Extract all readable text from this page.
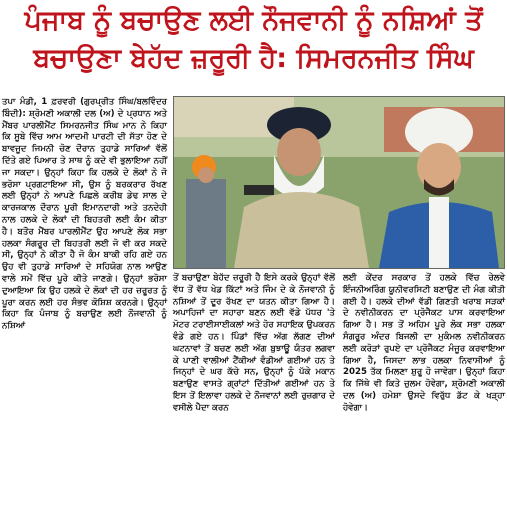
ਪੰਜਾਬ ਨੂੰ ਬਚਾਉਣ ਲਈ ਨੌਜਵਾਨੀ ਨੂੰ ਨਸ਼ਿਆਂ ਤੋਂ
ਬਚਾਉਣਾ ਬੇਹੱਦ ਜ਼ਰੂਰੀ ਹੈ: ਸਿਮਰਨਜੀਤ ਸਿੰਘ

ਤਪਾ ਮੰਡੀ, 1 ਫ਼ਰਵਰੀ (ਗੁਰਪ੍ਰੀਤ ਸਿੰਘ/ਬਲਵਿੰਦਰ ਬਿੰਦੀ): ਸ਼੍ਰੋਮਣੀ ਅਕਾਲੀ ਦਲ (ਅ) ਦੇ ਪ੍ਰਧਾਨ ਅਤੇ ਮੈਂਬਰ ਪਾਰਲੀਮੈਂਟ ਸਿਮਰਨਜੀਤ ਸਿੰਘ ਮਾਨ ਨੇ ਕਿਹਾ ਕਿ ਸੂਬੇ ਵਿੱਚ ਆਮ ਆਦਮੀ ਪਾਰਟੀ ਦੀ ਸੱਤਾ ਹੋਣ ਦੇ ਬਾਵਜੂਦ ਜਿਮਨੀ ਚੋਣ ਦੌਰਾਨ ਤੁਹਾਡੇ ਸਾਰਿਆਂ ਵੱਲੋਂ ਦਿੱਤੇ ਗਏ ਪਿਆਰ ਤੇ ਸਾਥ ਨੂੰ ਕਦੇ ਵੀ ਭੁਲਾਇਆ ਨਹੀਂ ਜਾ ਸਕਦਾ। ਉਨ੍ਹਾਂ ਕਿਹਾ ਕਿ ਹਲਕੇ ਦੇ ਲੋਕਾਂ ਨੇ ਜੋ ਭਰੋਸਾ ਪ੍ਰਗਟਾਇਆ ਸੀ, ਉਸ ਨੂੰ ਬਰਕਰਾਰ ਰੱਖਣ ਲਈ ਉਨ੍ਹਾਂ ਨੇ ਆਪਣੇ ਪਿਛਲੇ ਕਰੀਬ ਡੇਢ ਸਾਲ ਦੇ ਕਾਰਜਕਾਲ ਦੌਰਾਨ ਪੂਰੀ ਇਮਾਨਦਾਰੀ ਅਤੇ ਤਨਦੇਹੀ ਨਾਲ ਹਲਕੇ ਦੇ ਲੋਕਾਂ ਦੀ ਬਿਹਤਰੀ ਲਈ ਕੰਮ ਕੀਤਾ ਹੈ। ਬਤੌਰ ਮੈਂਬਰ ਪਾਰਲੀਮੈਂਟ ਉਹ ਆਪਣੇ ਲੋਕ ਸਭਾ ਹਲਕਾ ਸੰਗਰੂਰ ਦੀ ਬਿਹਤਰੀ ਲਈ ਜੋ ਵੀ ਕਰ ਸਕਦੇ ਸੀ, ਉਨ੍ਹਾਂ ਨੇ ਕੀਤਾ ਹੈ ਜੋ ਕੰਮ ਬਾਕੀ ਰਹਿ ਗਏ ਹਨ ਉਹ ਵੀ ਤੁਹਾਡੇ ਸਾਰਿਆਂ ਦੇ ਸਹਿਯੋਗ ਨਾਲ ਆਉਣ ਵਾਲੇ ਸਮੇਂ ਵਿੱਚ ਪੂਰੇ ਕੀਤੇ ਜਾਣਗੇ। ਉਨ੍ਹਾਂ ਭਰੋਸਾ ਦੁਆਇਆ ਕਿ ਉਹ ਹਲਕੇ ਦੇ ਲੋਕਾਂ ਦੀ ਹਰ ਜ਼ਰੂਰਤ ਨੂੰ ਪੂਰਾ ਕਰਨ ਲਈ ਹਰ ਸੰਭਵ ਕੋਸ਼ਿਸ਼ ਕਰਨਗੇ। ਉਨ੍ਹਾਂ ਕਿਹਾ ਕਿ ਪੰਜਾਬ ਨੂੰ ਬਚਾਉਣ ਲਈ ਨੌਜਵਾਨੀ ਨੂੰ ਨਸ਼ਿਆਂ

ਤੋਂ ਬਚਾਉਣਾ ਬੇਹੱਦ ਜ਼ਰੂਰੀ ਹੈ ਇਸੇ ਕਰਕੇ ਉਨ੍ਹਾਂ ਵੱਲੋਂ ਵੱਧ ਤੋਂ ਵੱਧ ਖੇਡ ਕਿੱਟਾਂ ਅਤੇ ਜਿੰਮ ਦੇ ਕੇ ਨੌਜਵਾਨੀ ਨੂੰ ਨਸ਼ਿਆਂ ਤੋਂ ਦੂਰ ਰੱਖਣ ਦਾ ਯਤਨ ਕੀਤਾ ਗਿਆ ਹੈ। ਅਪਾਹਿਜਾਂ ਦਾ ਸਹਾਰਾ ਬਣਨ ਲਈ ਵੱਡੇ ਪੱਧਰ 'ਤੇ ਮੋਟਰ ਟਰਾਈਸਾਈਕਲਾਂ ਅਤੇ ਹੋਰ ਸਹਾਇਕ ਉਪਕਰਨ ਵੰਡੇ ਗਏ ਹਨ। ਪਿੰਡਾਂ ਵਿੱਚ ਅੱਗ ਲੱਗਣ ਦੀਆਂ ਘਟਨਾਵਾਂ ਤੋਂ ਬਚਣ ਲਈ ਅੱਗ ਬੁਝਾਊ ਯੰਤਰ ਲਗਵਾ ਕੇ ਪਾਣੀ ਵਾਲੀਆਂ ਟੈਂਕੀਆਂ ਵੰਡੀਆਂ ਗਈਆਂ ਹਨ ਤੇ ਜਿਨ੍ਹਾਂ ਦੇ ਘਰ ਕੱਚੇ ਸਨ, ਉਨ੍ਹਾਂ ਨੂੰ ਪੱਕੇ ਮਕਾਨ ਬਣਾਉਣ ਵਾਸਤੇ ਗ੍ਰਾਂਟਾਂ ਦਿੱਤੀਆਂ ਗਈਆਂ ਹਨ ਤੇ ਇਸ ਤੋਂ ਇਲਾਵਾ ਹਲਕੇ ਦੇ ਨੌਜਵਾਨਾਂ ਲਈ ਰੁਜ਼ਗਾਰ ਦੇ ਵਸੀਲੇ ਪੈਦਾ ਕਰਨ

ਲਈ ਕੇਂਦਰ ਸਰਕਾਰ ਤੋਂ ਹਲਕੇ ਵਿੱਚ ਰੇਲਵੇ ਇੰਜਨੀਅਰਿੰਗ ਯੂਨੀਵਰਸਿਟੀ ਬਣਾਉਣ ਦੀ ਮੰਗ ਕੀਤੀ ਗਈ ਹੈ। ਹਲਕੇ ਦੀਆਂ ਵੱਡੀ ਗਿਣਤੀ ਖਰਾਬ ਸੜਕਾਂ ਦੇ ਨਵੀਨੀਕਰਨ ਦਾ ਪ੍ਰੋਜੈਕਟ ਪਾਸ ਕਰਵਾਇਆ ਗਿਆ ਹੈ। ਸਭ ਤੋਂ ਅਹਿਮ ਪੂਰੇ ਲੋਕ ਸਭਾ ਹਲਕਾ ਸੰਗਰੂਰ ਅੰਦਰ ਬਿਜਲੀ ਦਾ ਮੁਕੰਮਲ ਨਵੀਨੀਕਰਨ ਲਈ ਕਰੋੜਾਂ ਰੁਪਏ ਦਾ ਪ੍ਰੋਜੈਕਟ ਮੰਜੂਰ ਕਰਵਾਇਆ ਗਿਆ ਹੈ, ਜਿਸਦਾ ਲਾਭ ਹਲਕਾ ਨਿਵਾਸੀਆਂ ਨੂੰ 2025 ਤੱਕ ਮਿਲਣਾ ਸ਼ੁਰੂ ਹੋ ਜਾਵੇਗਾ। ਉਨ੍ਹਾਂ ਕਿਹਾ ਕਿ ਜਿੱਥੇ ਵੀ ਕਿਤੇ ਜ਼ੁਲਮ ਹੋਵੇਗਾ, ਸ਼੍ਰੋਮਣੀ ਅਕਾਲੀ ਦਲ (ਅ) ਹਮੇਸ਼ਾ ਉਸਦੇ ਵਿਰੁੱਧ ਡੱਟ ਕੇ ਖੜ੍ਹਾ ਹੋਵੇਗਾ।
